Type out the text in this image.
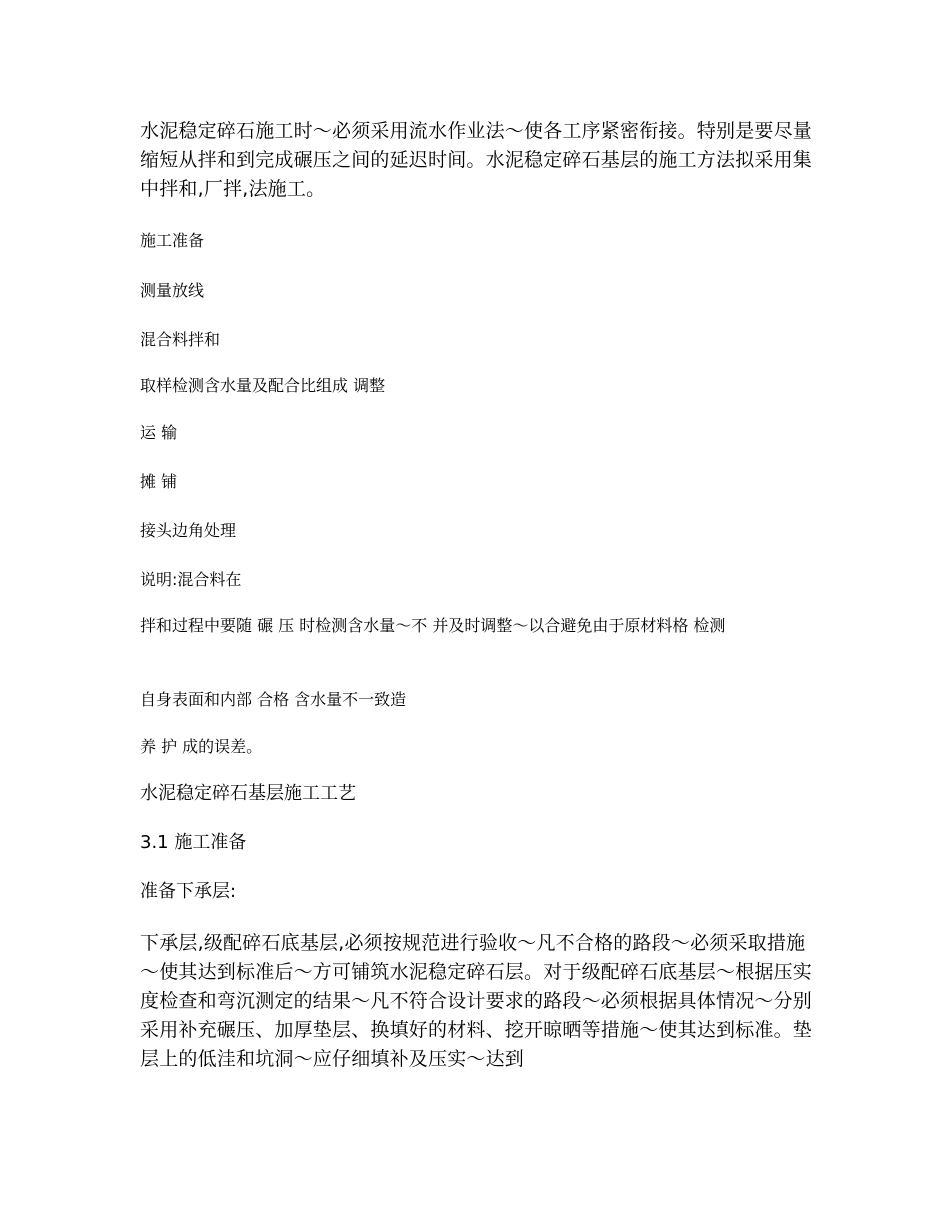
水泥稳定碎石施工时～必须采用流水作业法～使各工序紧密衔接。特别是要尽量缩短从拌和到完成碾压之间的延迟时间。水泥稳定碎石基层的施工方法拟采用集中拌和,厂拌,法施工。

施工准备

测量放线

混合料拌和

取样检测含水量及配合比组成 调整

运 输

摊 铺

接头边角处理

说明:混合料在

拌和过程中要随 碾 压 时检测含水量～不 并及时调整～以合避免由于原材料格 检测

自身表面和内部 合格 含水量不一致造

养 护 成的误差。

水泥稳定碎石基层施工工艺

3.1 施工准备

准备下承层:

下承层,级配碎石底基层,必须按规范进行验收～凡不合格的路段～必须采取措施～使其达到标准后～方可铺筑水泥稳定碎石层。对于级配碎石底基层～根据压实度检查和弯沉测定的结果～凡不符合设计要求的路段～必须根据具体情况～分别采用补充碾压、加厚垫层、换填好的材料、挖开晾晒等措施～使其达到标准。垫层上的低洼和坑洞～应仔细填补及压实～达到
